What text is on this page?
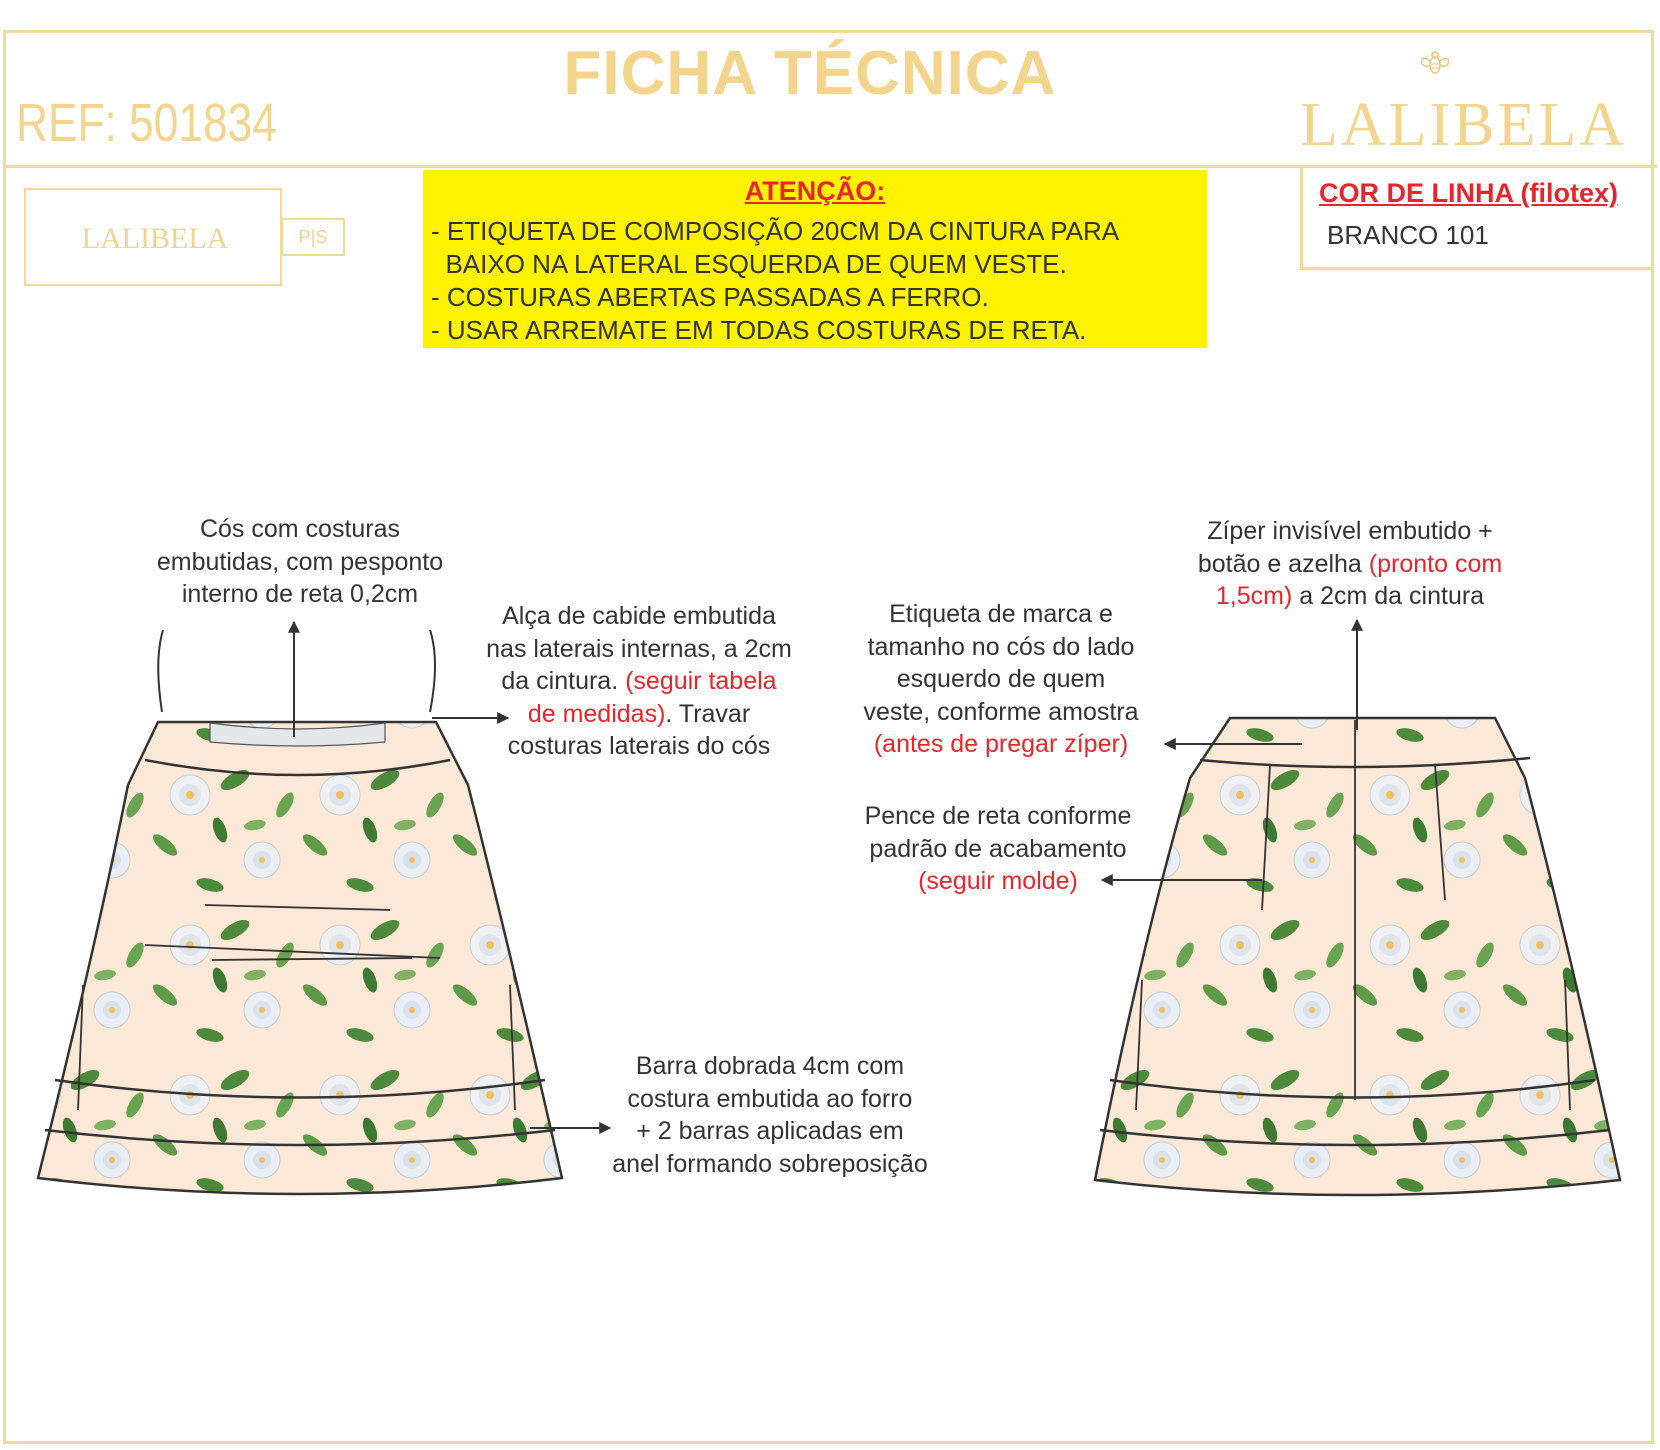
FICHA TÉCNICA
REF: 501834	LALIBELA
LALIBELA	P|S
ATENÇÃO:
- ETIQUETA DE COMPOSIÇÃO 20CM DA CINTURA PARA
BAIXO NA LATERAL ESQUERDA DE QUEM VESTE.
- COSTURAS ABERTAS PASSADAS A FERRO.
- USAR ARREMATE EM TODAS COSTURAS DE RETA.
COR DE LINHA (filotex)
BRANCO 101
Cós com costuras
embutidas, com pesponto
interno de reta 0,2cm
Alça de cabide embutida
nas laterais internas, a 2cm
da cintura. (seguir tabela
de medidas). Travar
costuras laterais do cós
Barra dobrada 4cm com
costura embutida ao forro
+ 2 barras aplicadas em
anel formando sobreposição
Zíper invisível embutido +
botão e azelha (pronto com
1,5cm) a 2cm da cintura
Etiqueta de marca e
tamanho no cós do lado
esquerdo de quem
veste, conforme amostra
(antes de pregar zíper)
Pence de reta conforme
padrão de acabamento
(seguir molde)
